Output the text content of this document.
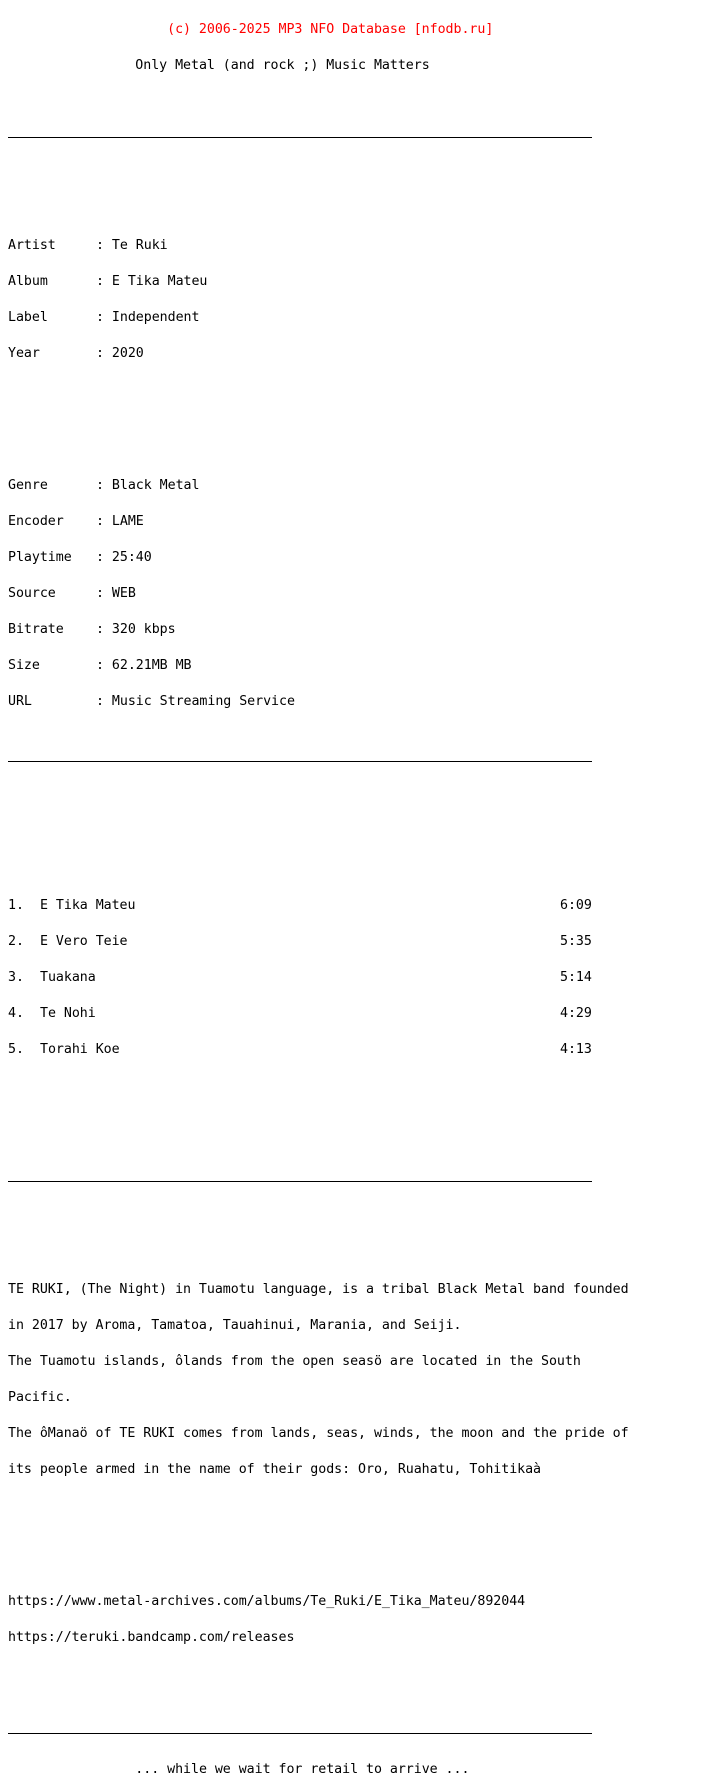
(c) 2006-2025 MP3 NFO Database [nfodb.ru]

Only Metal (and rock ;) Music Matters

Artist	: Te Ruki

Album	: E Tika Mateu

Label	: Independent

Year	: 2020

Genre	: Black Metal

Encoder : LAME

Playtime : 25:40

Source	: WEB

Bitrate : 320 kbps

Size	: 62.21MB MB

URL	: Music Streaming Service

1. E Tika Mateu	6:09

2. E Vero Teie	5:35

3. Tuakana	5:14

4. Te Nohi	4:29

5. Torahi Koe	4:13

TE RUKI, (The Night) in Tuamotu language, is a tribal Black Metal band founded

in 2017 by Aroma, Tamatoa, Tauahinui, Marania, and Seiji.

The Tuamotu islands, ôlands from the open seasö are located in the South

Pacific.

The ôManaö of TE RUKI comes from lands, seas, winds, the moon and the pride of

its people armed in the name of their gods: Oro, Ruahatu, Tohitikaà

https://www.metal-archives.com/albums/Te_Ruki/E_Tika_Mateu/892044

https://teruki.bandcamp.com/releases

... while we wait for retail to arrive ...
